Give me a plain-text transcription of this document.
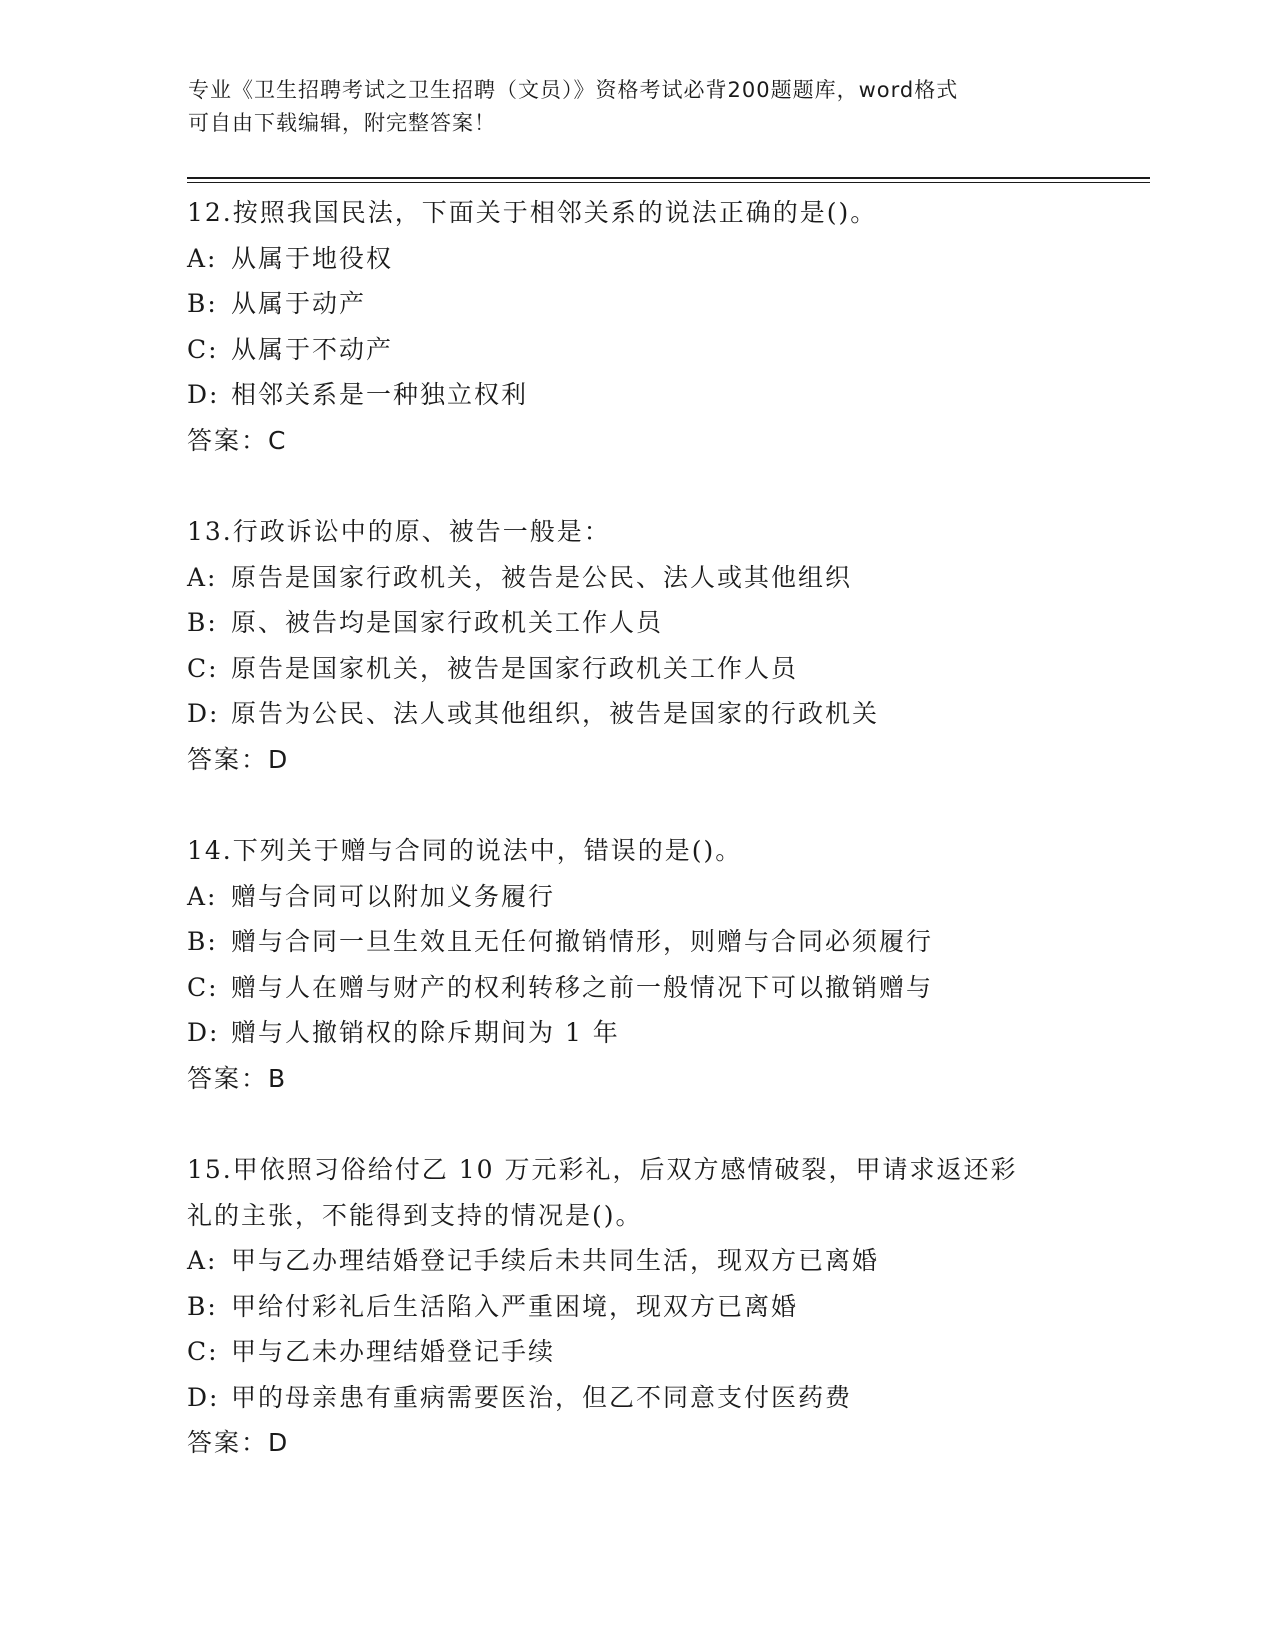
专业《卫生招聘考试之卫生招聘（文员）》资格考试必背200题题库，word格式
可自由下载编辑，附完整答案！
12.按照我国民法，下面关于相邻关系的说法正确的是()。
A: 从属于地役权
B: 从属于动产
C: 从属于不动产
D: 相邻关系是一种独立权利
答案：C
13.行政诉讼中的原、被告一般是：
A: 原告是国家行政机关，被告是公民、法人或其他组织
B: 原、被告均是国家行政机关工作人员
C: 原告是国家机关，被告是国家行政机关工作人员
D: 原告为公民、法人或其他组织，被告是国家的行政机关
答案：D
14.下列关于赠与合同的说法中，错误的是()。
A: 赠与合同可以附加义务履行
B: 赠与合同一旦生效且无任何撤销情形，则赠与合同必须履行
C: 赠与人在赠与财产的权利转移之前一般情况下可以撤销赠与
D: 赠与人撤销权的除斥期间为 1 年
答案：B
15.甲依照习俗给付乙 10 万元彩礼，后双方感情破裂，甲请求返还彩
礼的主张，不能得到支持的情况是()。
A: 甲与乙办理结婚登记手续后未共同生活，现双方已离婚
B: 甲给付彩礼后生活陷入严重困境，现双方已离婚
C: 甲与乙未办理结婚登记手续
D: 甲的母亲患有重病需要医治，但乙不同意支付医药费
答案：D
